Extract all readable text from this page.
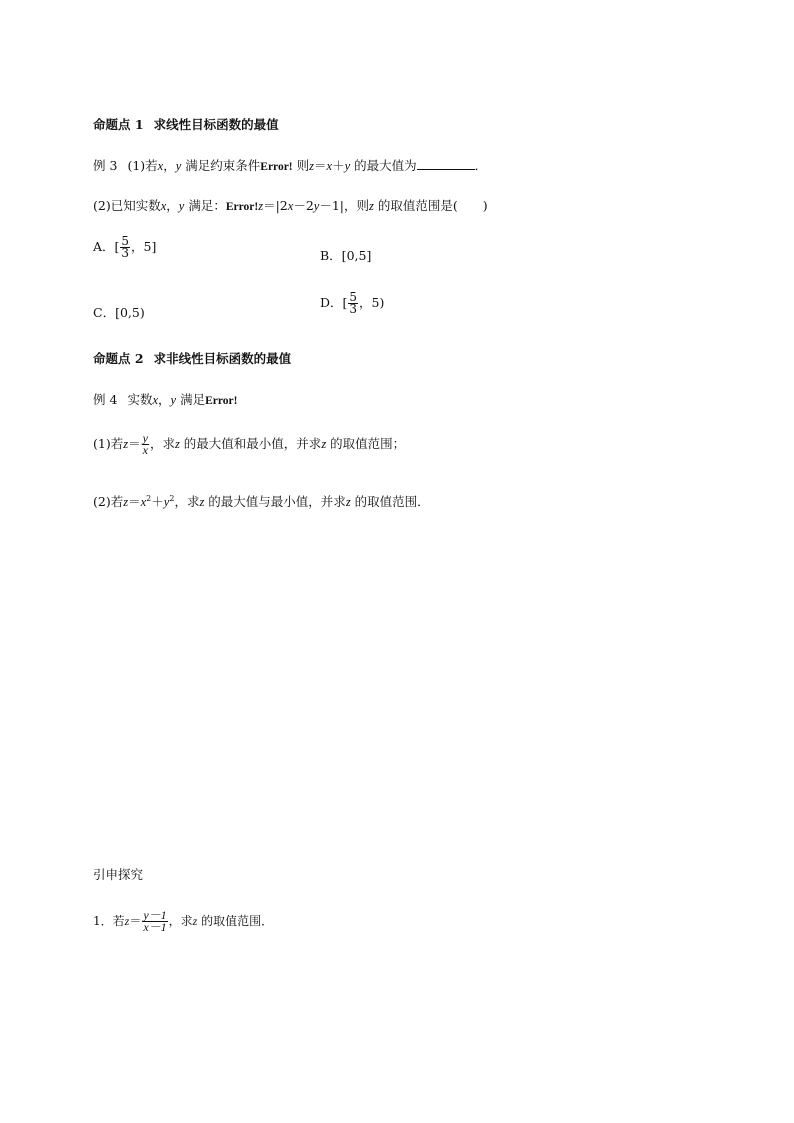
命题点 1 求线性目标函数的最值
例 3 (1)若x，y 满足约束条件Error! 则z＝x＋y 的最大值为	．
(2)已知实数x，y 满足：Error!z＝|2x－2y－1|，则z 的取值范围是(　　)
A．[ $\frac{5}{3}$ ，5]
B．[0,5]
C．[0,5)
D．[ $\frac{5}{3}$ ，5)
命题点 2 求非线性目标函数的最值
例 4 实数x，y 满足Error!
(1)若$z= \frac{y}{x}$ ，求z 的最大值和最小值，并求z 的取值范围；
(2)若$z=x^2+y^2$，求z 的最大值与最小值，并求z 的取值范围．
引申探究
1．若$z= \frac{y-1}{x-1}$ ，求z 的取值范围．
